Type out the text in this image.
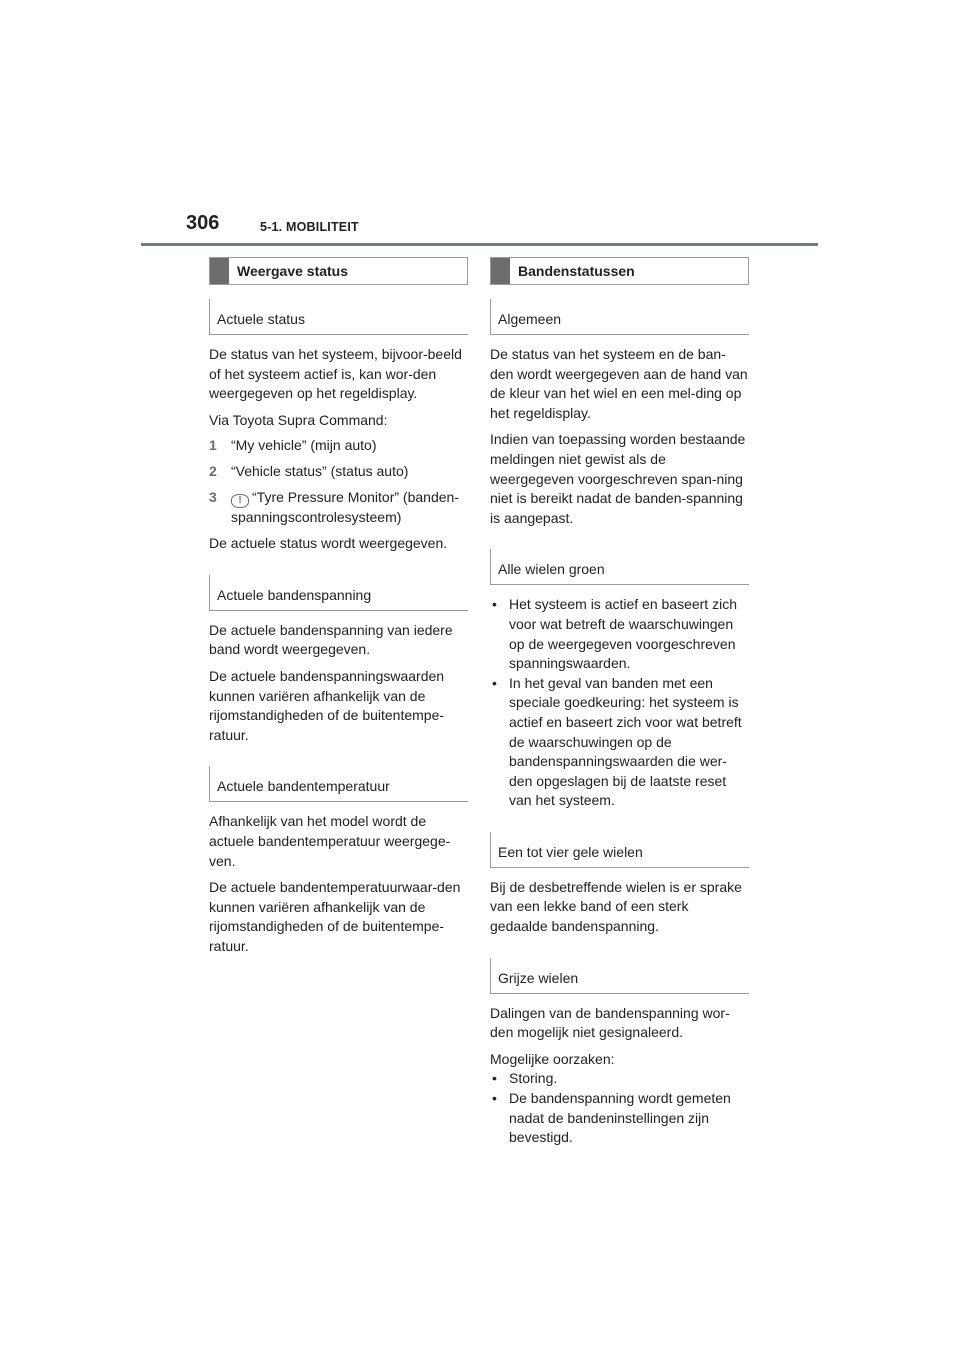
306	5-1. MOBILITEIT
Weergave status
Actuele status

De status van het systeem, bijvoor-beeld of het systeem actief is, kan wor-den weergegeven op het regeldisplay.

Via Toyota Supra Command:

1	“My vehicle” (mijn auto)
2	“Vehicle status” (status auto)
3	! “Tyre Pressure Monitor” (banden-spanningscontrolesysteem)

De actuele status wordt weergegeven.

Actuele bandenspanning

De actuele bandenspanning van iedere band wordt weergegeven.

De actuele bandenspanningswaarden kunnen variëren afhankelijk van de rijomstandigheden of de buitentempe-ratuur.

Actuele bandentemperatuur

Afhankelijk van het model wordt de actuele bandentemperatuur weergege-ven.

De actuele bandentemperatuurwaar-den kunnen variëren afhankelijk van de rijomstandigheden of de buitentempe-ratuur.

Bandenstatussen
Algemeen

De status van het systeem en de ban-den wordt weergegeven aan de hand van de kleur van het wiel en een mel-ding op het regeldisplay.

Indien van toepassing worden bestaande meldingen niet gewist als de weergegeven voorgeschreven span-ning niet is bereikt nadat de banden-spanning is aangepast.

Alle wielen groen
• Het systeem is actief en baseert zich voor wat betreft de waarschuwingen op de weergegeven voorgeschreven spanningswaarden.
• In het geval van banden met een speciale goedkeuring: het systeem is actief en baseert zich voor wat betreft de waarschuwingen op de bandenspanningswaarden die wer-den opgeslagen bij de laatste reset van het systeem.
Een tot vier gele wielen

Bij de desbetreffende wielen is er sprake van een lekke band of een sterk gedaalde bandenspanning.

Grijze wielen

Dalingen van de bandenspanning wor-den mogelijk niet gesignaleerd.

Mogelijke oorzaken:

• Storing.
• De bandenspanning wordt gemeten nadat de bandeninstellingen zijn bevestigd.
